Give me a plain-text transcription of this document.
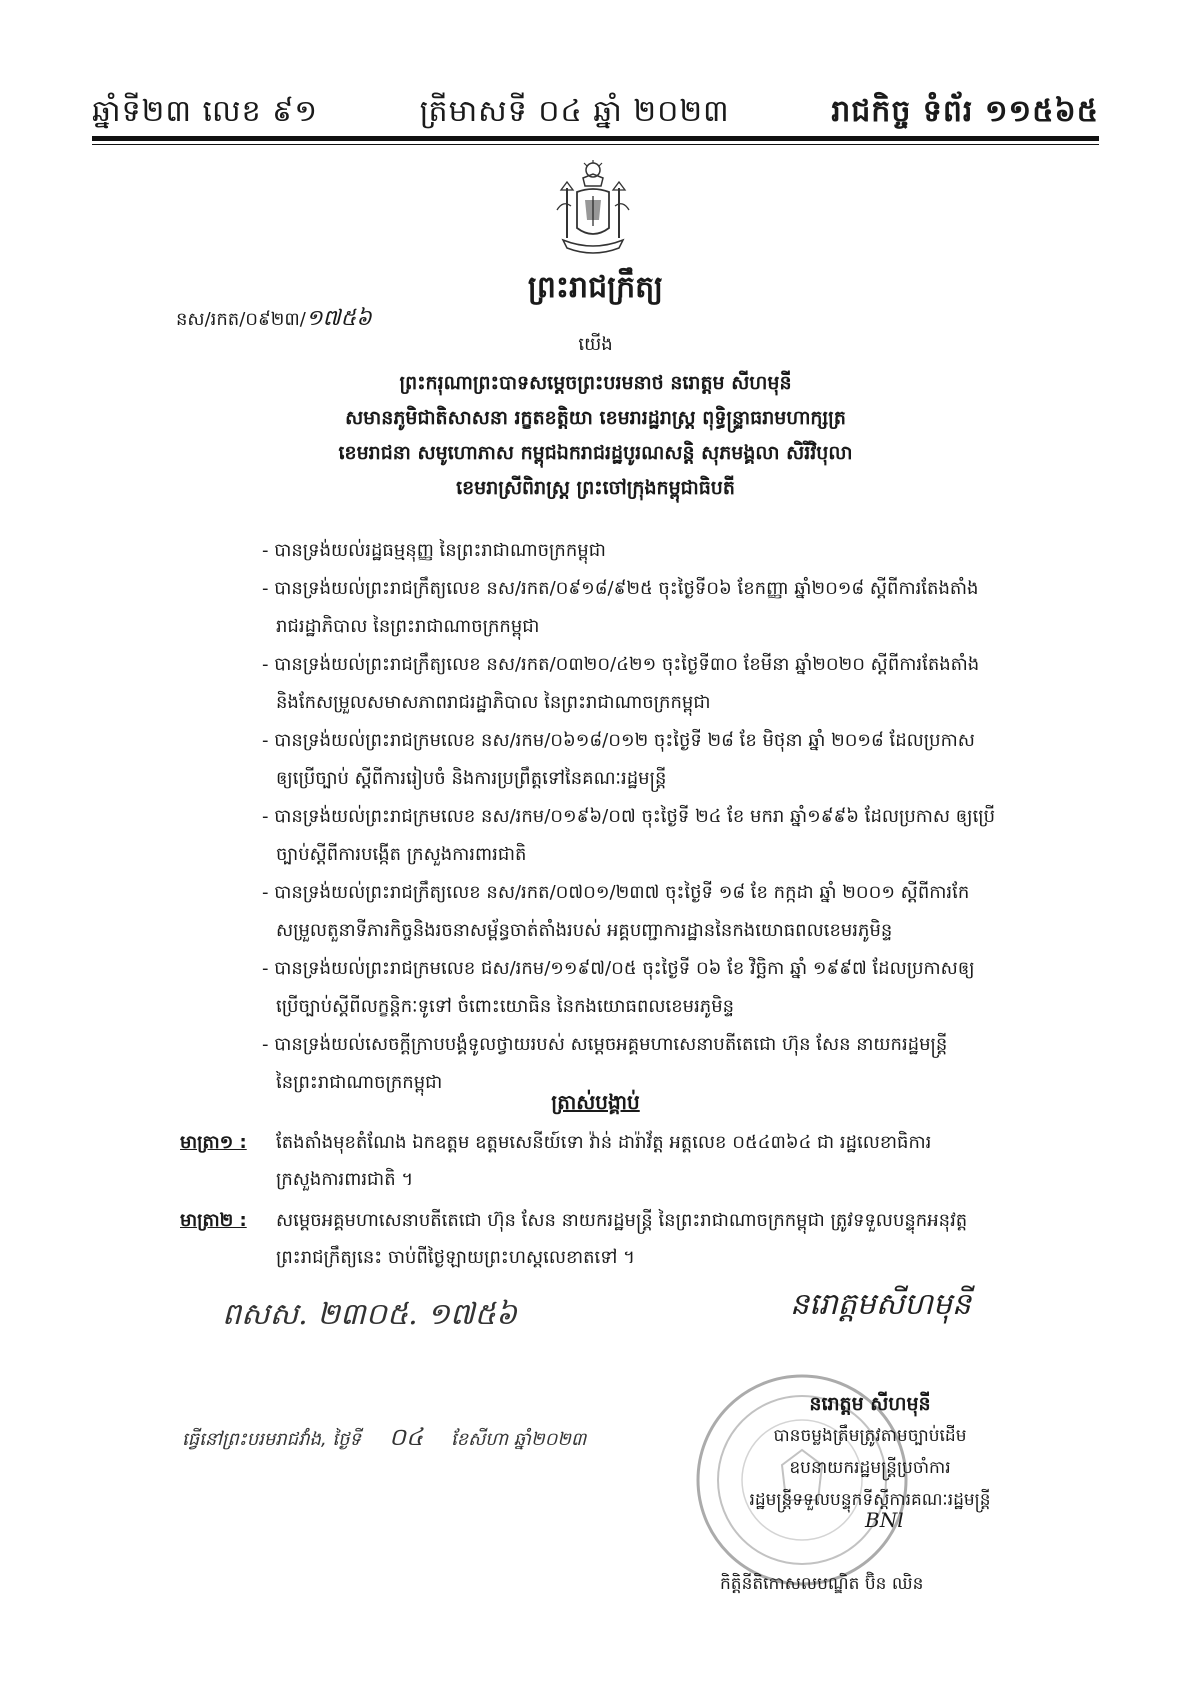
ឆ្នាំទី២៣ លេខ ៩១	ត្រីមាសទី ០៤ ឆ្នាំ ២០២៣	រាជកិច្ច ទំព័រ ១១៥៦៥
ព្រះរាជក្រឹត្យ
នស/រកត/០៩២៣/១៧៥៦
យើង
ព្រះករុណាព្រះបាទសម្តេចព្រះបរមនាថ នរោត្តម សីហមុនី
សមានភូមិជាតិសាសនា រក្ខតខត្តិយា ខេមរារដ្ឋរាស្ត្រ ពុទ្ធិន្ទ្រាធរាមហាក្សត្រ
ខេមរាជនា សមូហោភាស កម្ពុជឯករាជរដ្ឋបូរណសន្តិ សុភមង្គលា សិរីវិបុលា
ខេមរាស្រីពិរាស្ត្រ ព្រះចៅក្រុងកម្ពុជាធិបតី
- បានទ្រង់យល់រដ្ឋធម្មនុញ្ញ នៃព្រះរាជាណាចក្រកម្ពុជា
- បានទ្រង់យល់ព្រះរាជក្រឹត្យលេខ នស/រកត/០៩១៨/៩២៥ ចុះថ្ងៃទី០៦ ខែកញ្ញា ឆ្នាំ២០១៨ ស្តីពីការតែងតាំង
រាជរដ្ឋាភិបាល នៃព្រះរាជាណាចក្រកម្ពុជា
- បានទ្រង់យល់ព្រះរាជក្រឹត្យលេខ នស/រកត/០៣២០/៤២១ ចុះថ្ងៃទី៣០ ខែមីនា ឆ្នាំ២០២០ ស្តីពីការតែងតាំង
និងកែសម្រួលសមាសភាពរាជរដ្ឋាភិបាល នៃព្រះរាជាណាចក្រកម្ពុជា
- បានទ្រង់យល់ព្រះរាជក្រមលេខ នស/រកម/០៦១៨/០១២ ចុះថ្ងៃទី ២៨ ខែ មិថុនា ឆ្នាំ ២០១៨ ដែលប្រកាស
ឲ្យប្រើច្បាប់ ស្តីពីការរៀបចំ និងការប្រព្រឹត្តទៅនៃគណៈរដ្ឋមន្ត្រី
- បានទ្រង់យល់ព្រះរាជក្រមលេខ នស/រកម/០១៩៦/០៧ ចុះថ្ងៃទី ២៤ ខែ មករា ឆ្នាំ១៩៩៦ ដែលប្រកាស ឲ្យប្រើ
ច្បាប់ស្តីពីការបង្កើត ក្រសួងការពារជាតិ
- បានទ្រង់យល់ព្រះរាជក្រឹត្យលេខ នស/រកត/០៧០១/២៣៧ ចុះថ្ងៃទី ១៨ ខែ កក្កដា ឆ្នាំ ២០០១ ស្តីពីការកែ
សម្រួលតួនាទីភារកិច្ចនិងរចនាសម្ព័ន្ធចាត់តាំងរបស់ អគ្គបញ្ជាការដ្ឋាននៃកងយោធពលខេមរភូមិន្ទ
- បានទ្រង់យល់ព្រះរាជក្រមលេខ ជស/រកម/១១៩៧/០៥ ចុះថ្ងៃទី ០៦ ខែ វិច្ឆិកា ឆ្នាំ ១៩៩៧ ដែលប្រកាសឲ្យ
ប្រើច្បាប់ស្តីពីលក្ខន្តិកៈទូទៅ ចំពោះយោធិន នៃកងយោធពលខេមរភូមិន្ទ
- បានទ្រង់យល់សេចក្តីក្រាបបង្គំទូលថ្វាយរបស់ សម្តេចអគ្គមហាសេនាបតីតេជោ ហ៊ុន សែន នាយករដ្ឋមន្ត្រី
នៃព្រះរាជាណាចក្រកម្ពុជា
ត្រាស់បង្គាប់
មាត្រា១ :	តែងតាំងមុខតំណែង ឯកឧត្តម ឧត្តមសេនីយ៍ទោ វ៉ាន់ ដារ៉ាវ័ត្ត អត្តលេខ ០៥៤៣៦៤ ជា រដ្ឋលេខាធិការ
ក្រសួងការពារជាតិ ។
មាត្រា២ :	សម្តេចអគ្គមហាសេនាបតីតេជោ ហ៊ុន សែន នាយករដ្ឋមន្ត្រី នៃព្រះរាជាណាចក្រកម្ពុជា ត្រូវទទួលបន្ទុកអនុវត្ត
ព្រះរាជក្រឹត្យនេះ ចាប់ពីថ្ងៃឡាយព្រះហស្តលេខាតទៅ ។
ពសស. ២៣០៥. ១៧៥៦	នរោត្តមសីហមុនី
ធ្វើនៅព្រះបរមរាជវាំង, ថ្ងៃទី ០៤ ខែសីហា ឆ្នាំ២០២៣
នរោត្តម សីហមុនី
បានចម្លងត្រឹមត្រូវតាមច្បាប់ដើម
ឧបនាយករដ្ឋមន្ត្រីប្រចាំការ
រដ្ឋមន្ត្រីទទួលបន្ទុកទីស្តីការគណៈរដ្ឋមន្ត្រី
BNl
កិត្តិនីតិកោសលបណ្ឌិត ប៊ិន ឈិន
